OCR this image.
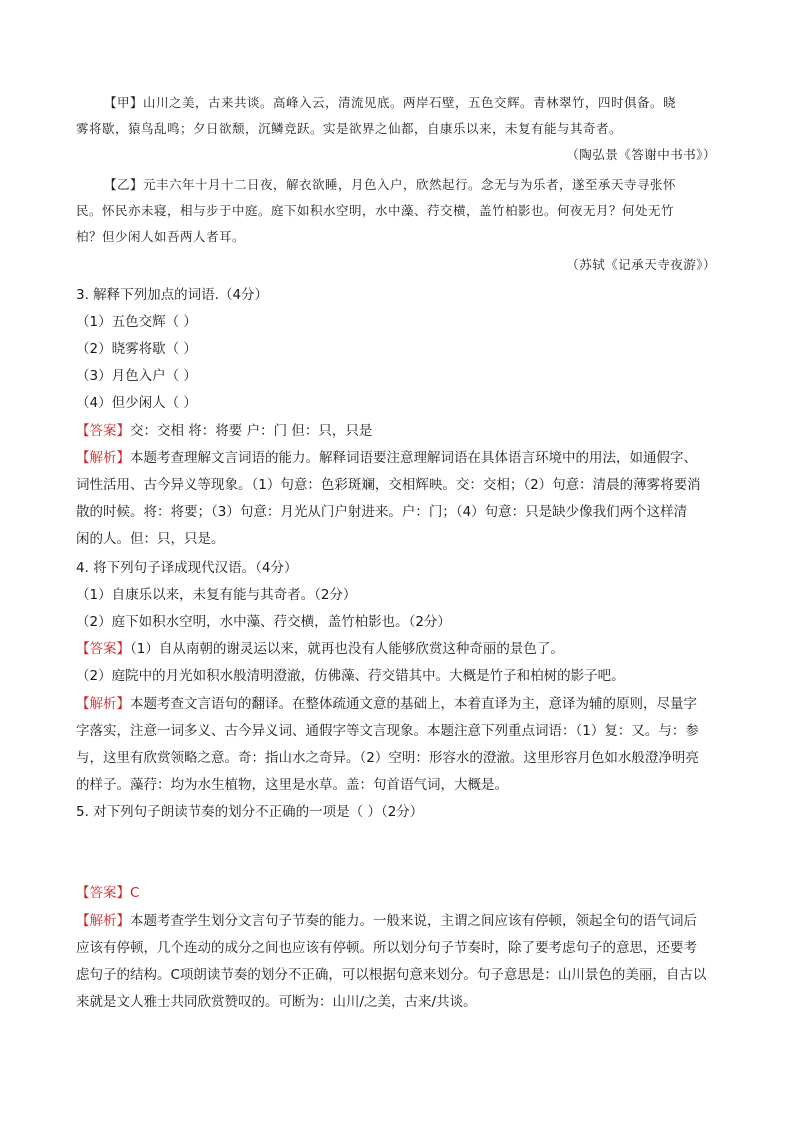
【甲】山川之美，古来共谈。高峰入云，清流见底。两岸石壁，五色交辉。青林翠竹，四时俱备。晓
雾将歇，猿鸟乱鸣；夕日欲颓，沉鳞竞跃。实是欲界之仙都，自康乐以来，未复有能与其奇者。
（陶弘景《答谢中书书》）
【乙】元丰六年十月十二日夜，解衣欲睡，月色入户，欣然起行。念无与为乐者，遂至承天寺寻张怀
民。怀民亦未寝，相与步于中庭。庭下如积水空明，水中藻、荇交横，盖竹柏影也。何夜无月？何处无竹
柏？但少闲人如吾两人者耳。
（苏轼《记承天寺夜游》）
3. 解释下列加点的词语.（4分）
（1）五色交辉（ ）
（2）晓雾将歇（ ）
（3）月色入户（ ）
（4）但少闲人（ ）
【答案】交：交相 将：将要 户：门 但：只，只是
【解析】本题考查理解文言词语的能力。解释词语要注意理解词语在具体语言环境中的用法，如通假字、
词性活用、古今异义等现象。（1）句意：色彩斑斓，交相辉映。交：交相；（2）句意：清晨的薄雾将要消
散的时候。将：将要；（3）句意：月光从门户射进来。户：门；（4）句意：只是缺少像我们两个这样清
闲的人。但：只，只是。
4. 将下列句子译成现代汉语。（4分）
（1）自康乐以来，未复有能与其奇者。（2分）
（2）庭下如积水空明，水中藻、荇交横，盖竹柏影也。（2分）
【答案】（1）自从南朝的谢灵运以来，就再也没有人能够欣赏这种奇丽的景色了。
（2）庭院中的月光如积水般清明澄澈，仿佛藻、荇交错其中。大概是竹子和柏树的影子吧。
【解析】本题考查文言语句的翻译。在整体疏通文意的基础上，本着直译为主，意译为辅的原则，尽量字
字落实，注意一词多义、古今异义词、通假字等文言现象。本题注意下列重点词语：（1）复：又。与：参
与，这里有欣赏领略之意。奇：指山水之奇异。（2）空明：形容水的澄澈。这里形容月色如水般澄净明亮
的样子。藻荇：均为水生植物，这里是水草。盖：句首语气词，大概是。
5. 对下列句子朗读节奏的划分不正确的一项是（ ）（2分）
【答案】C
【解析】本题考查学生划分文言句子节奏的能力。一般来说，主谓之间应该有停顿，领起全句的语气词后
应该有停顿，几个连动的成分之间也应该有停顿。所以划分句子节奏时，除了要考虑句子的意思，还要考
虑句子的结构。C项朗读节奏的划分不正确，可以根据句意来划分。句子意思是：山川景色的美丽，自古以
来就是文人雅士共同欣赏赞叹的。可断为：山川/之美，古来/共谈。
